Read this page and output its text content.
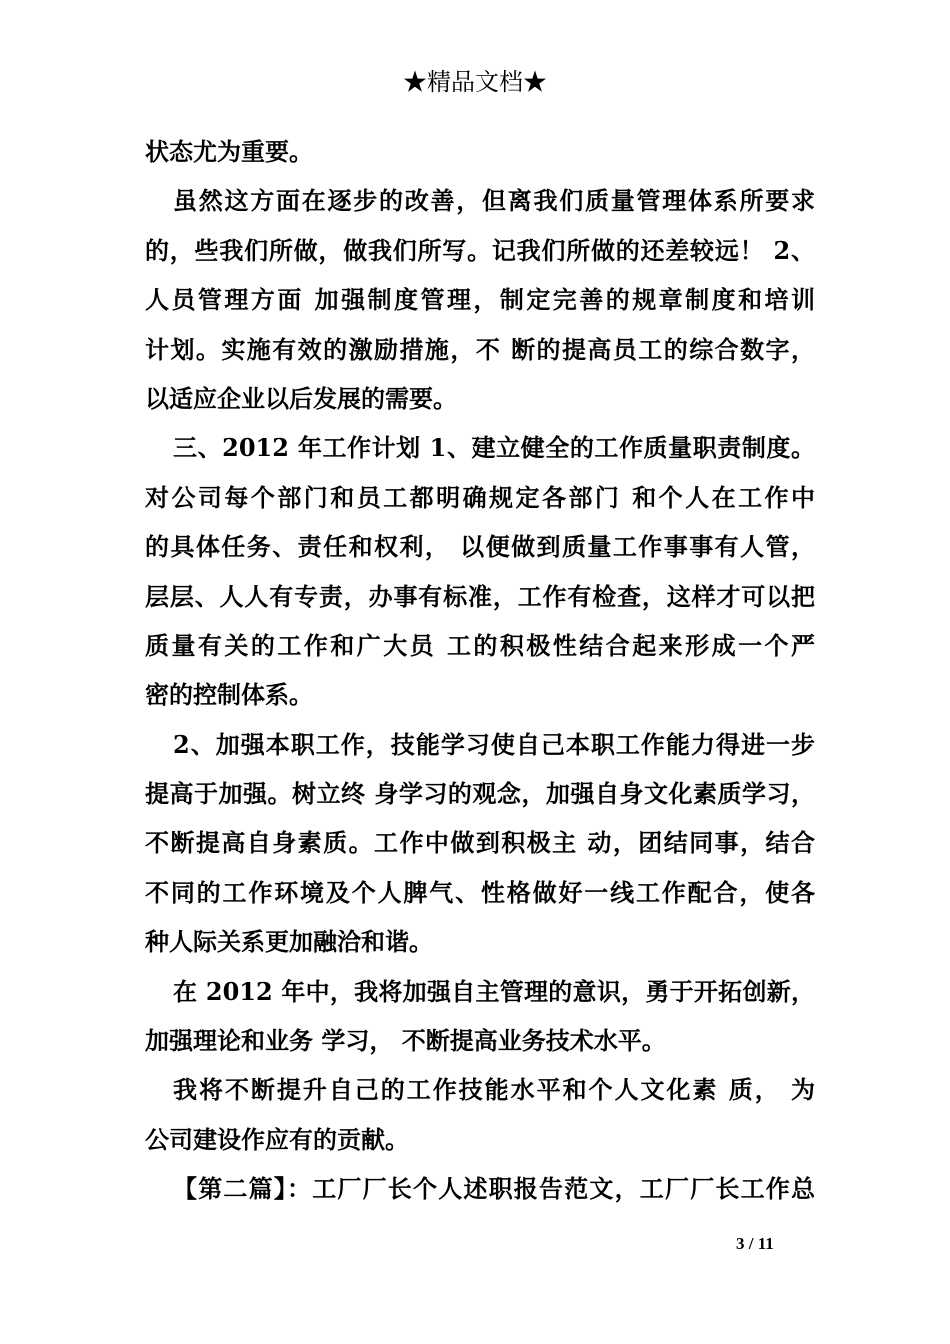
★精品文档★
状态尤为重要。
虽然这方面在逐步的改善，但离我们质量管理体系所要求
的，些我们所做，做我们所写。记我们所做的还差较远！ 2、
人员管理方面 加强制度管理，制定完善的规章制度和培训
计划。实施有效的激励措施，不 断的提高员工的综合数字，
以适应企业以后发展的需要。
三、2012 年工作计划 1、建立健全的工作质量职责制度。
对公司每个部门和员工都明确规定各部门 和个人在工作中
的具体任务、责任和权利， 以便做到质量工作事事有人管，
层层、人人有专责，办事有标准，工作有检查，这样才可以把
质量有关的工作和广大员 工的积极性结合起来形成一个严
密的控制体系。
2、加强本职工作，技能学习使自己本职工作能力得进一步
提高于加强。树立终 身学习的观念，加强自身文化素质学习，
不断提高自身素质。工作中做到积极主 动，团结同事，结合
不同的工作环境及个人脾气、性格做好一线工作配合，使各
种人际关系更加融洽和谐。
在 2012 年中，我将加强自主管理的意识，勇于开拓创新，
加强理论和业务 学习， 不断提高业务技术水平。
我将不断提升自己的工作技能水平和个人文化素 质， 为
公司建设作应有的贡献。
【第二篇】：工厂厂长个人述职报告范文，工厂厂长工作总
3 / 11
